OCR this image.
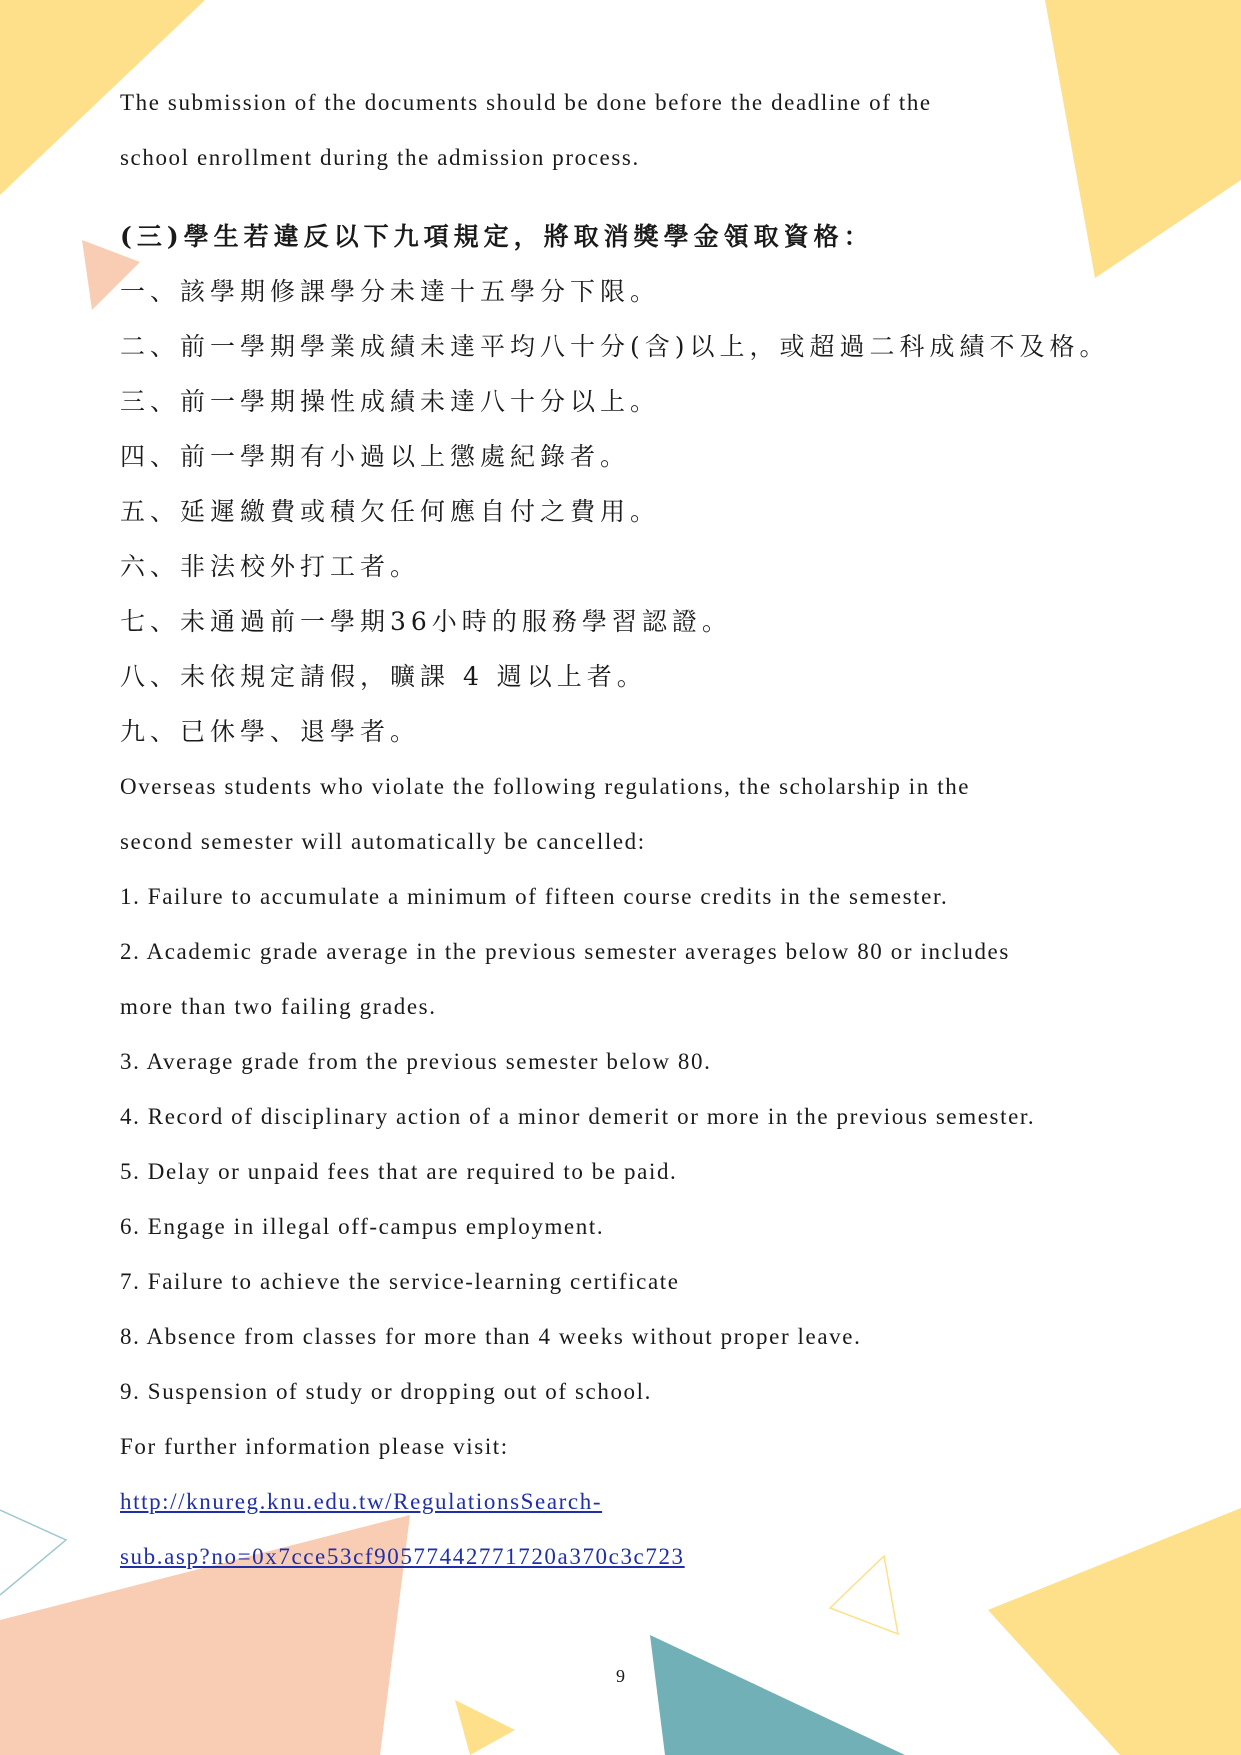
The submission of the documents should be done before the deadline of the
school enrollment during the admission process.
(三)學生若違反以下九項規定，將取消獎學金領取資格：
一、該學期修課學分未達十五學分下限。
二、前一學期學業成績未達平均八十分(含)以上，或超過二科成績不及格。
三、前一學期操性成績未達八十分以上。
四、前一學期有小過以上懲處紀錄者。
五、延遲繳費或積欠任何應自付之費用。
六、非法校外打工者。
七、未通過前一學期36小時的服務學習認證。
八、未依規定請假，曠課 4 週以上者。
九、已休學、退學者。
Overseas students who violate the following regulations, the scholarship in the
second semester will automatically be cancelled:
1. Failure to accumulate a minimum of fifteen course credits in the semester.
2. Academic grade average in the previous semester averages below 80 or includes
more than two failing grades.
3. Average grade from the previous semester below 80.
4. Record of disciplinary action of a minor demerit or more in the previous semester.
5. Delay or unpaid fees that are required to be paid.
6. Engage in illegal off-campus employment.
7. Failure to achieve the service-learning certificate
8. Absence from classes for more than 4 weeks without proper leave.
9. Suspension of study or dropping out of school.
For further information please visit:
http://knureg.knu.edu.tw/RegulationsSearch-
sub.asp?no=0x7cce53cf90577442771720a370c3c723
9
